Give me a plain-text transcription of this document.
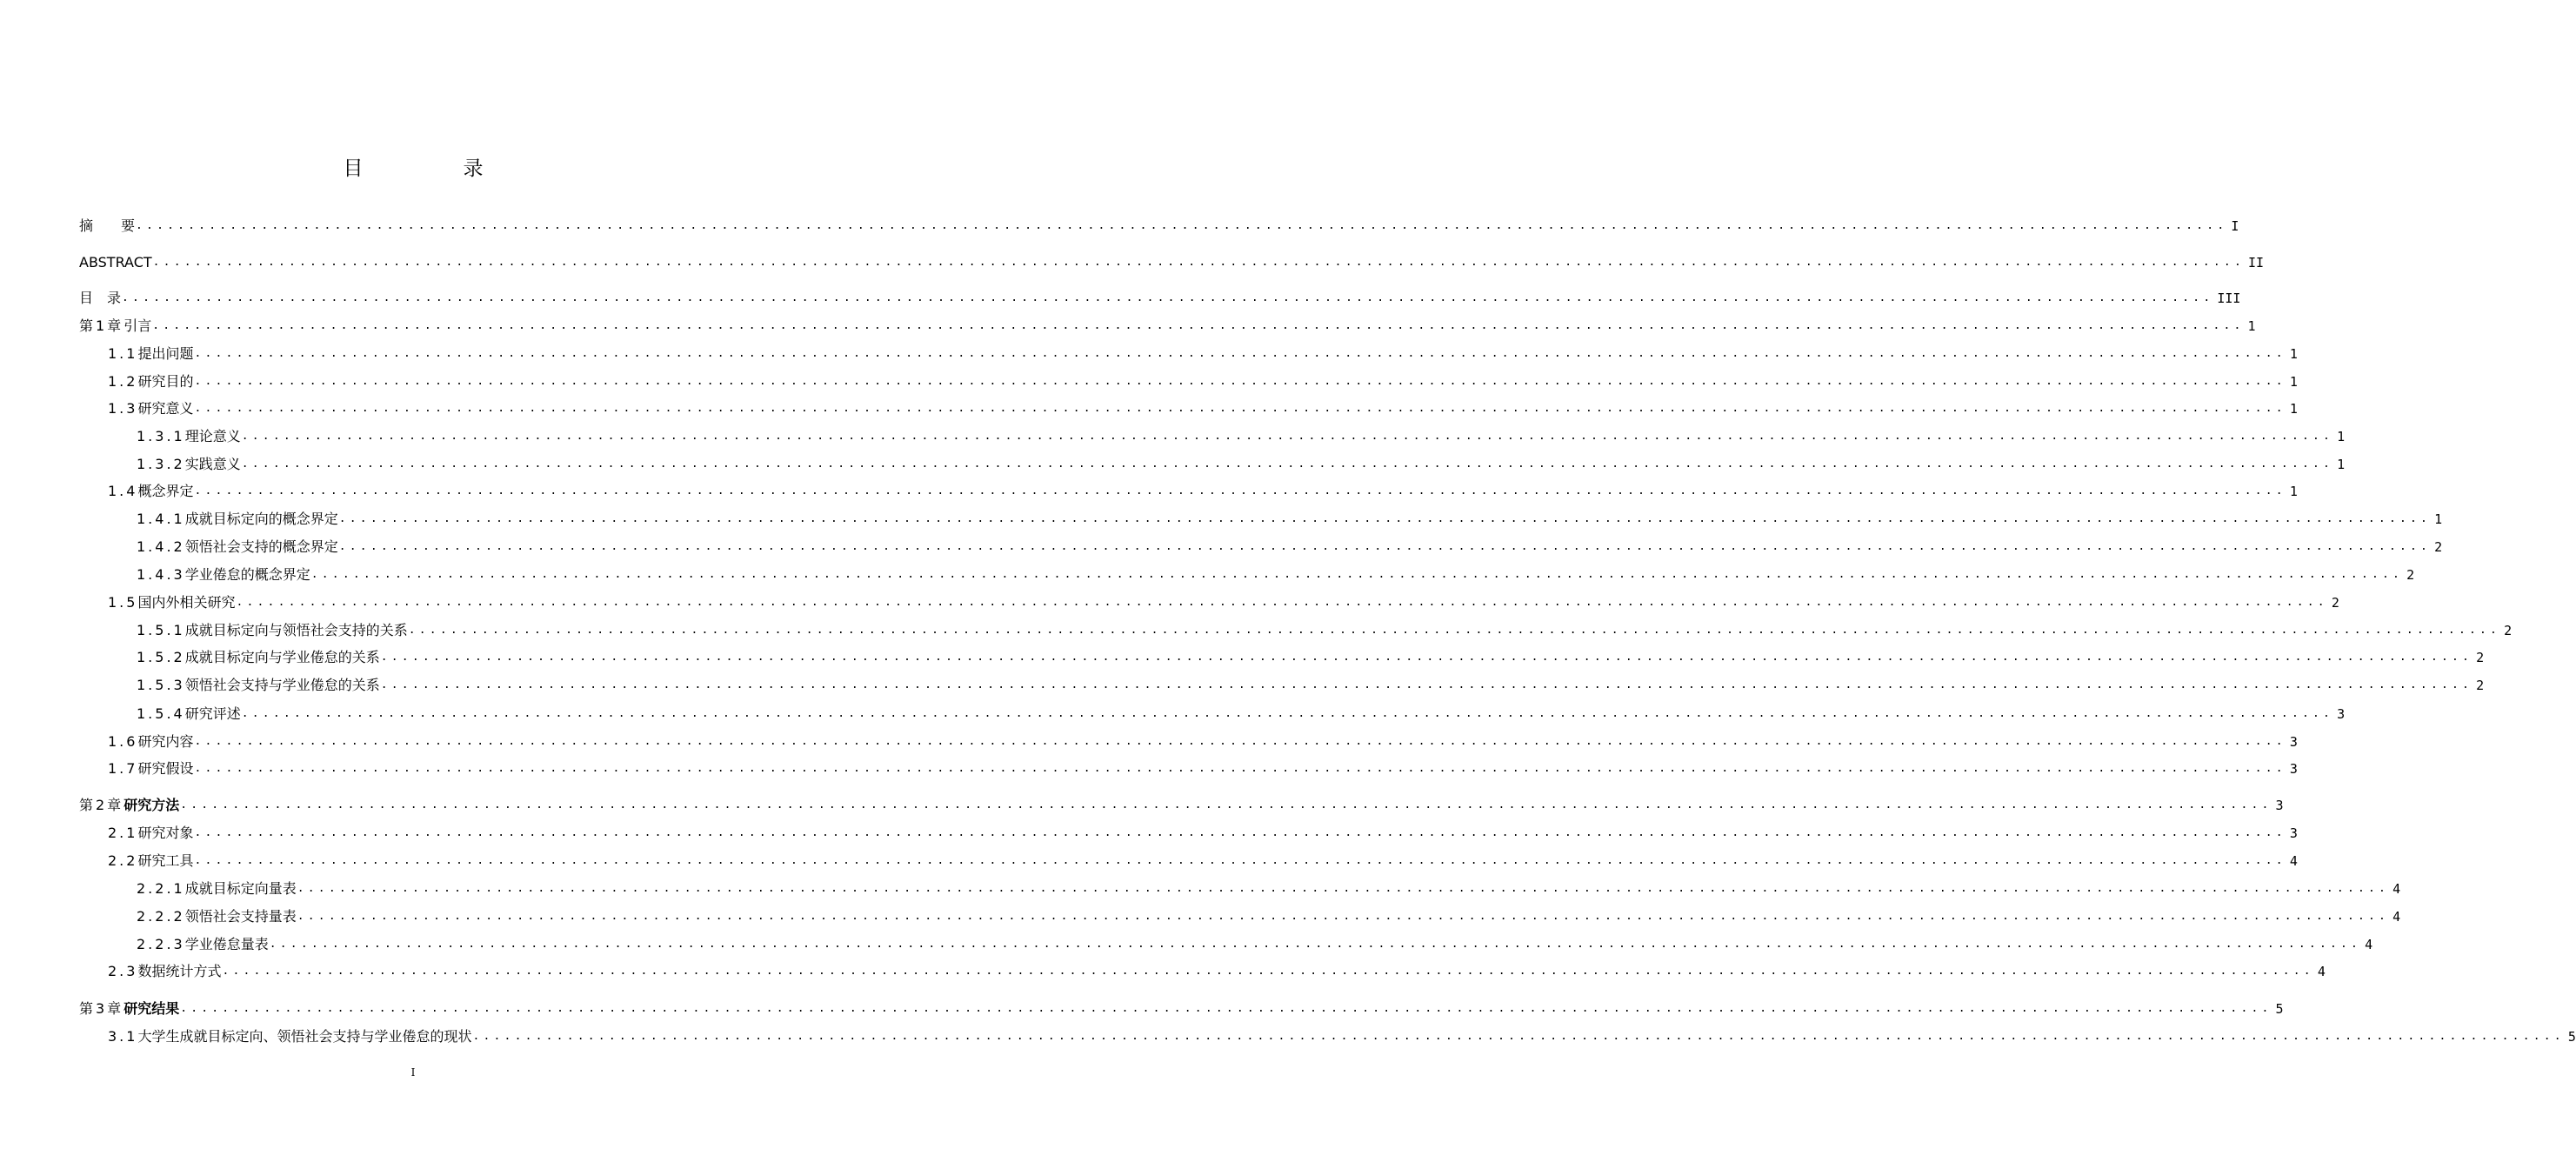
目　录
摘　　要 ........................................................................................................................................................................................................ I
ABSTRACT ........................................................................................................................................................................................................ II
目　录 ........................................................................................................................................................................................................ III
第1章 引言 ........................................................................................................................................................................................................ 1
1.1 提出问题 ........................................................................................................................................................................................................ 1
1.2 研究目的 ........................................................................................................................................................................................................ 1
1.3 研究意义 ........................................................................................................................................................................................................ 1
1.3.1 理论意义 ........................................................................................................................................................................................................ 1
1.3.2 实践意义 ........................................................................................................................................................................................................ 1
1.4 概念界定 ........................................................................................................................................................................................................ 1
1.4.1 成就目标定向的概念界定 ........................................................................................................................................................................................................ 1
1.4.2 领悟社会支持的概念界定 ........................................................................................................................................................................................................ 2
1.4.3 学业倦怠的概念界定 ........................................................................................................................................................................................................ 2
1.5 国内外相关研究 ........................................................................................................................................................................................................ 2
1.5.1 成就目标定向与领悟社会支持的关系 ........................................................................................................................................................................................................ 2
1.5.2 成就目标定向与学业倦怠的关系 ........................................................................................................................................................................................................ 2
1.5.3 领悟社会支持与学业倦怠的关系 ........................................................................................................................................................................................................ 2
1.5.4 研究评述 ........................................................................................................................................................................................................ 3
1.6 研究内容 ........................................................................................................................................................................................................ 3
1.7 研究假设 ........................................................................................................................................................................................................ 3
第2章 研究方法 ........................................................................................................................................................................................................ 3
2.1 研究对象 ........................................................................................................................................................................................................ 3
2.2 研究工具 ........................................................................................................................................................................................................ 4
2.2.1 成就目标定向量表 ........................................................................................................................................................................................................ 4
2.2.2 领悟社会支持量表 ........................................................................................................................................................................................................ 4
2.2.3 学业倦怠量表 ........................................................................................................................................................................................................ 4
2.3 数据统计方式 ........................................................................................................................................................................................................ 4
第3章 研究结果 ........................................................................................................................................................................................................ 5
3.1 大学生成就目标定向、领悟社会支持与学业倦怠的现状 ........................................................................................................................................................................................................ 5
I
